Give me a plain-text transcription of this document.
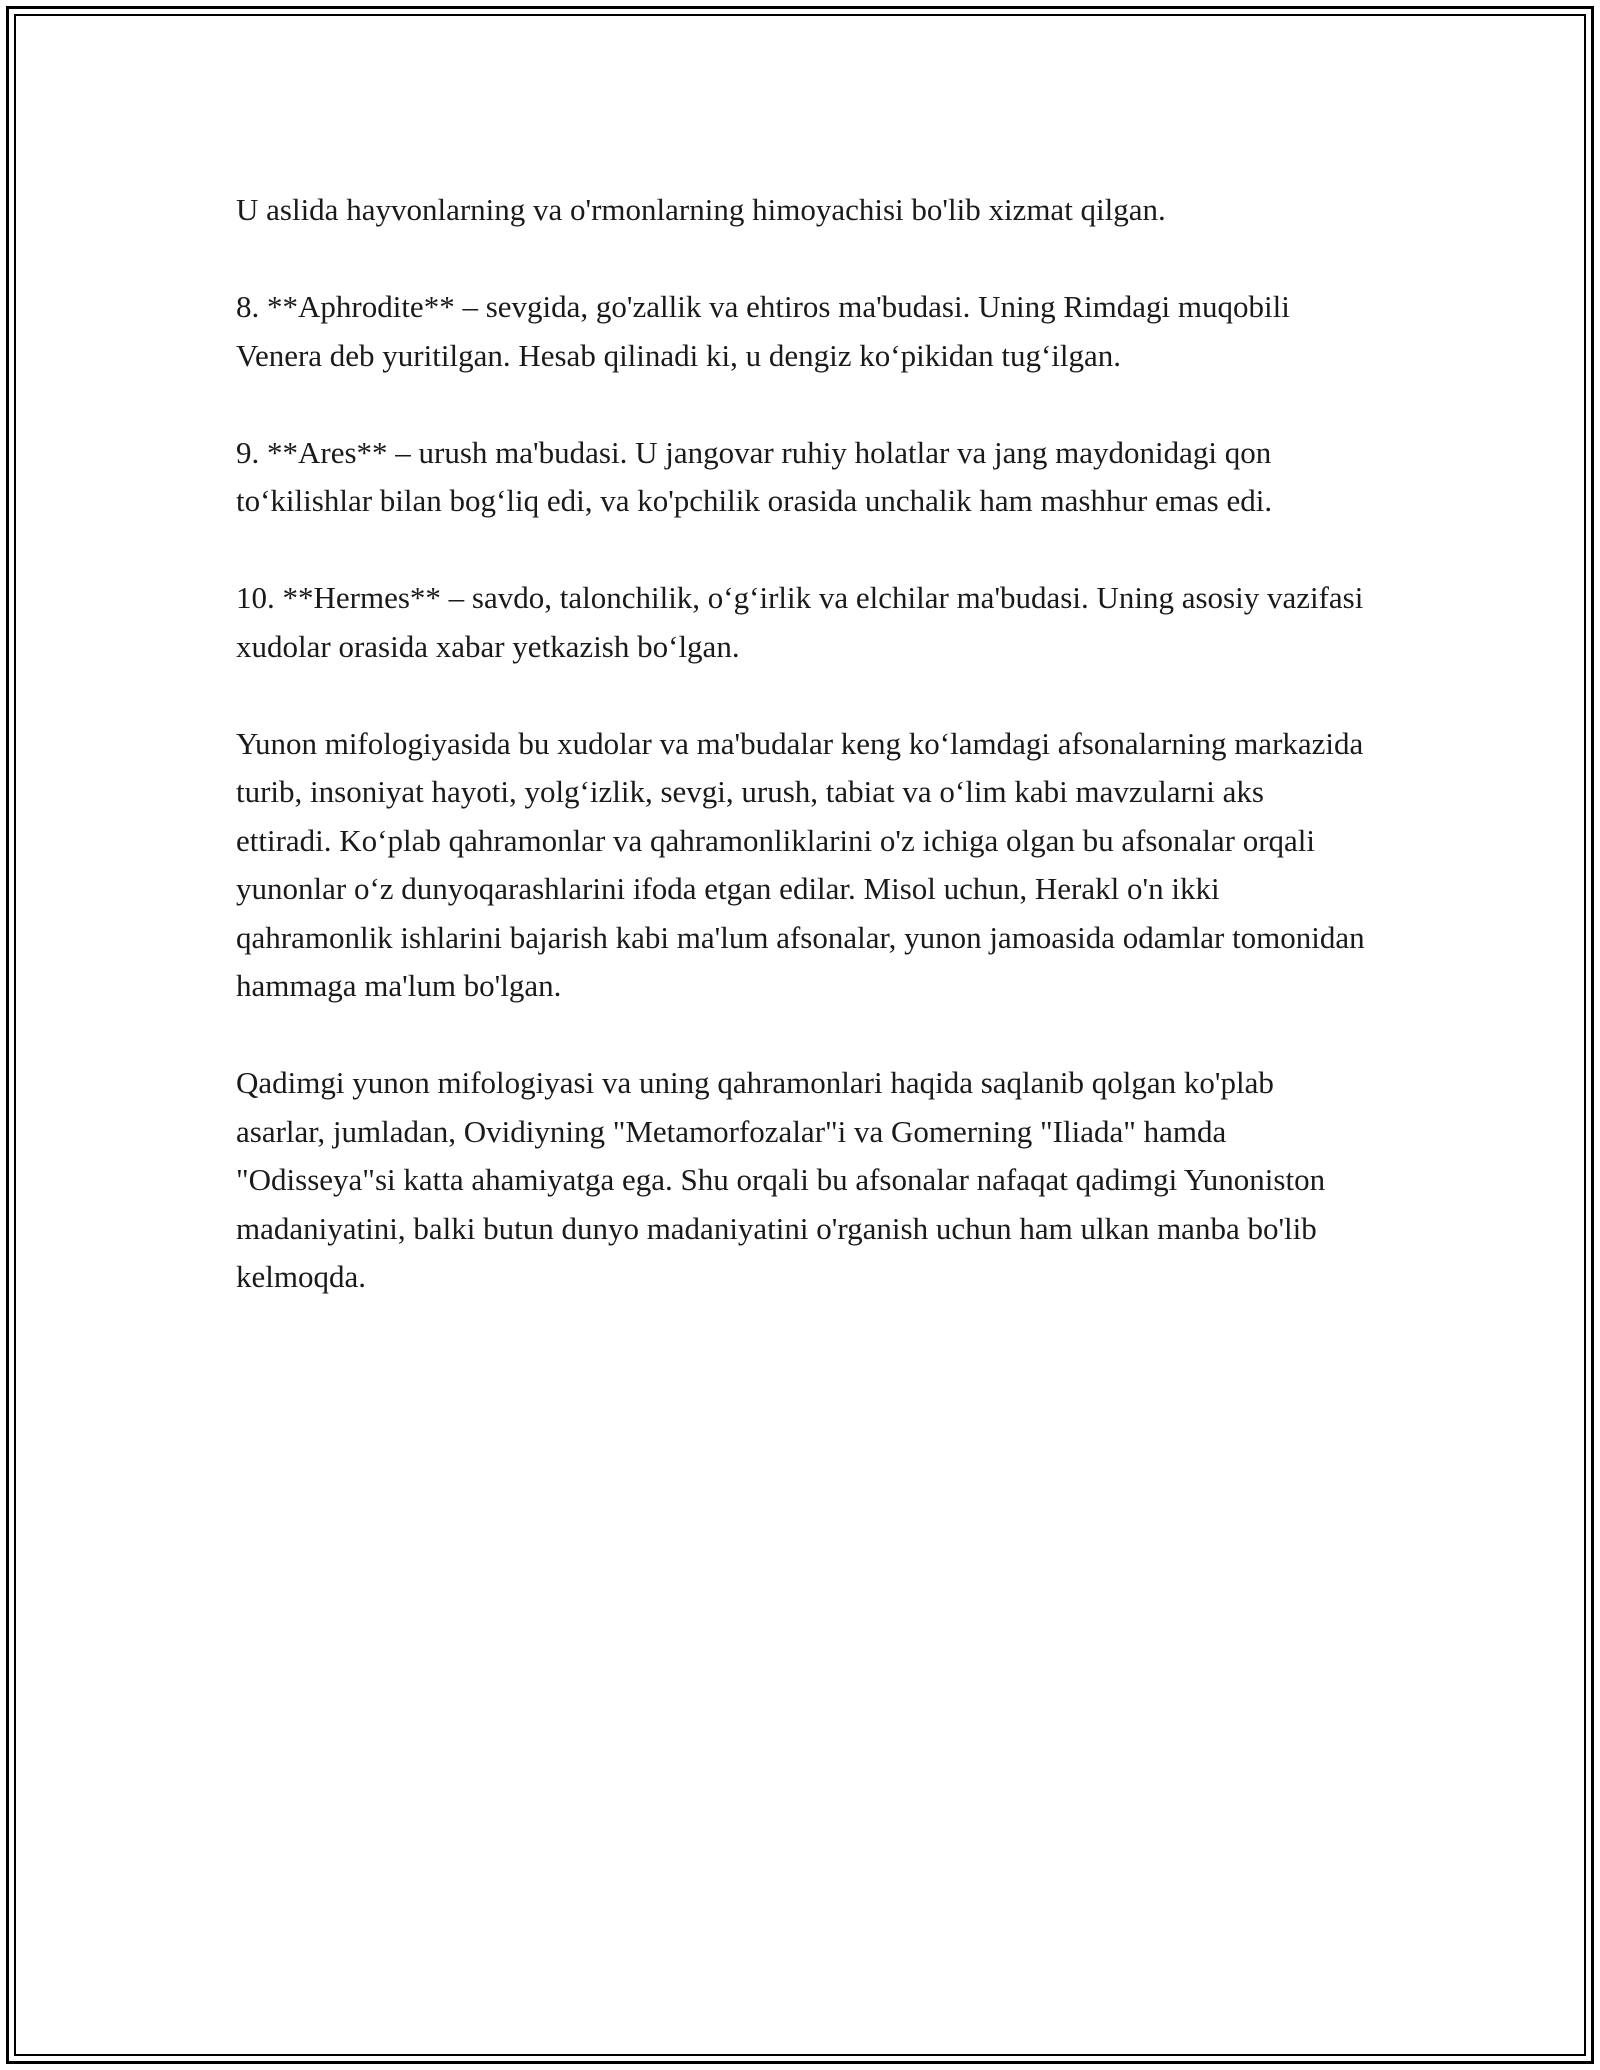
U aslida hayvonlarning va o'rmonlarning himoyachisi bo'lib xizmat qilgan.

8. **Aphrodite** – sevgida, go'zallik va ehtiros ma'budasi. Uning Rimdagi muqobili Venera deb yuritilgan. Hesab qilinadi ki, u dengiz ko‘pikidan tug‘ilgan.

9. **Ares** – urush ma'budasi. U jangovar ruhiy holatlar va jang maydonidagi qon to‘kilishlar bilan bog‘liq edi, va ko'pchilik orasida unchalik ham mashhur emas edi.

10. **Hermes** – savdo, talonchilik, o‘g‘irlik va elchilar ma'budasi. Uning asosiy vazifasi xudolar orasida xabar yetkazish bo‘lgan.

Yunon mifologiyasida bu xudolar va ma'budalar keng ko‘lamdagi afsonalarning markazida turib, insoniyat hayoti, yolg‘izlik, sevgi, urush, tabiat va o‘lim kabi mavzularni aks ettiradi. Ko‘plab qahramonlar va qahramonliklarini o'z ichiga olgan bu afsonalar orqali yunonlar o‘z dunyoqarashlarini ifoda etgan edilar. Misol uchun, Herakl o'n ikki qahramonlik ishlarini bajarish kabi ma'lum afsonalar, yunon jamoasida odamlar tomonidan hammaga ma'lum bo'lgan.

Qadimgi yunon mifologiyasi va uning qahramonlari haqida saqlanib qolgan ko'plab asarlar, jumladan, Ovidiyning "Metamorfozalar"i va Gomerning "Iliada" hamda "Odisseya"si katta ahamiyatga ega. Shu orqali bu afsonalar nafaqat qadimgi Yunoniston madaniyatini, balki butun dunyo madaniyatini o'rganish uchun ham ulkan manba bo'lib kelmoqda.
